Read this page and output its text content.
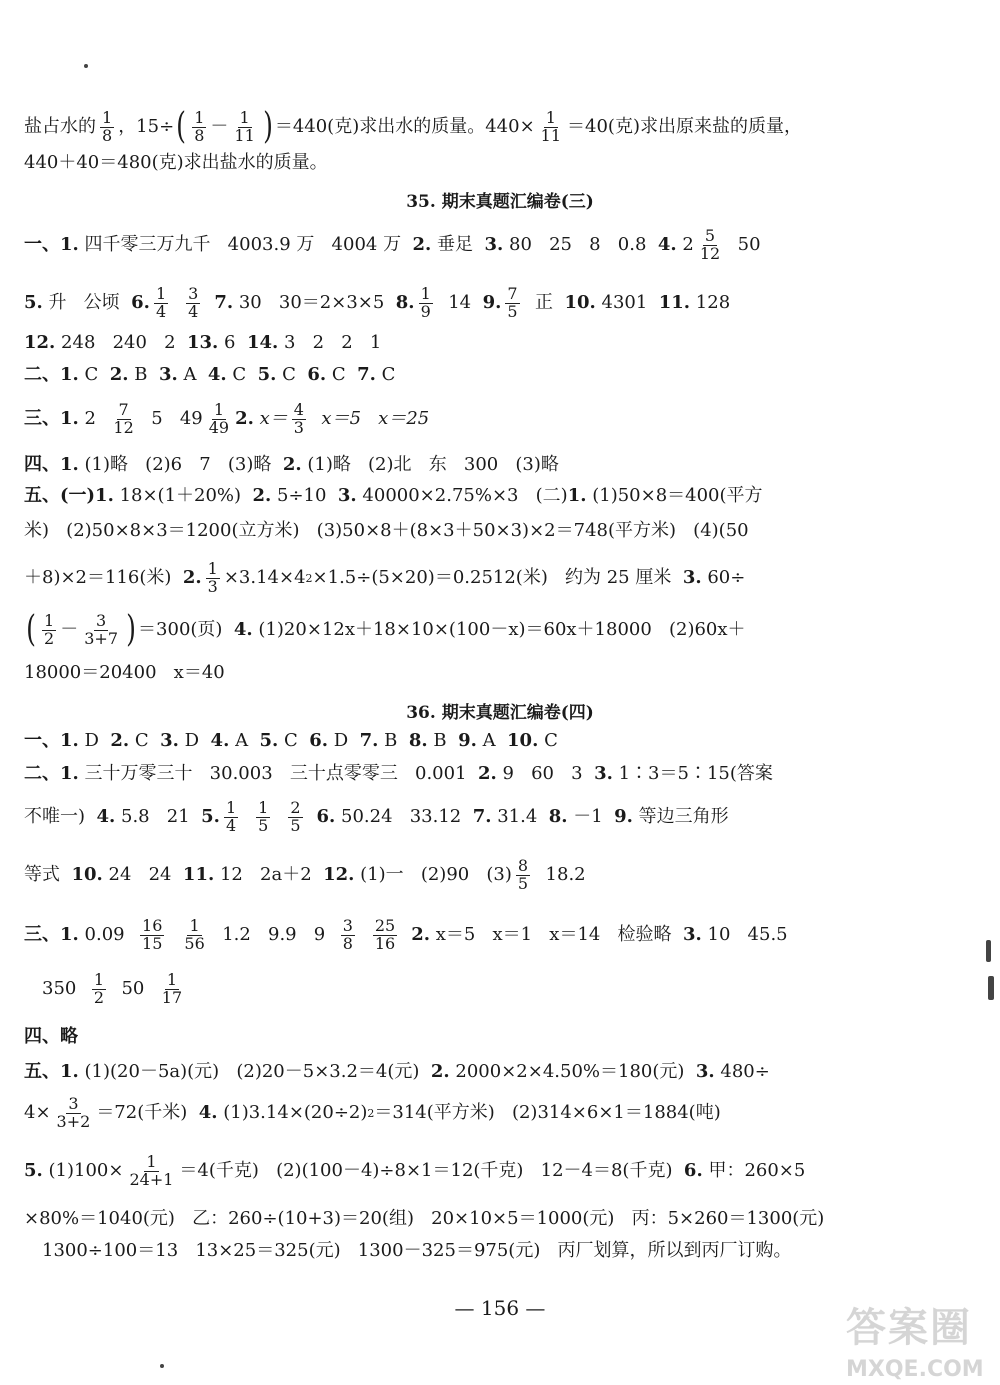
盐占水的 $\frac{1}{8}$ ，15÷ ( $\frac{1}{8} - \frac{1}{11}$ ) ＝440(克)求出水的质量。$440\times \frac{1}{11} =40$(克)求出原来盐的质量，
440＋40＝480(克)求出盐水的质量。
35. 期末真题汇编卷(三)
一、 1. 四千零三万九千   4003.9 万   4004 万 2. 垂足 3. 80   25   8   0.8 4. $2 \frac{5}{12} 50$
5. 升   公顷 6. $\frac{1}{4} \frac{3}{4} 7$. 30   30＝2×3×5 8. $\frac{1}{9} 14$ 9. $\frac{7}{5}$ 正 10. 4301 11. 128
12. 248   240   2 13. 6 14. 3   2   2   1
二、 1. C 2. B 3. A 4. C 5. C 6. C 7. C
三、 1. $2 \frac{7}{12} 5$   $49 \frac{1}{49} 2$. $x= \frac{4}{3} x=5$   x＝25
四、 1. (1)略   (2)6   7   (3)略 2. (1)略   (2)北   东   300   (3)略
五、(一) 1. 18×(1＋20%) 2. 5÷10 3. 40000×2.75%×3   (二) 1. (1)50×8＝400(平方
米)   (2)50×8×3＝1200(立方米)   (3)50×8＋(8×3＋50×3)×2＝748(平方米)   (4)(50
＋8)×2＝116(米) 2. $\frac{1}{3} \times 3.14\times 4$ 2 ×1.5÷(5×20)＝0.2512(米)   约为 25 厘米 3. 60÷
( $\frac{1}{2} - \frac{3}{3+7}$ ) ＝300(页) 4. (1)20×12x＋18×10×(100－x)＝60x＋18000   (2)60x＋
18000＝20400   x＝40
36. 期末真题汇编卷(四)
一、 1. D 2. C 3. D 4. A 5. C 6. D 7. B 8. B 9. A 10. C
二、 1. 三十万零三十   30.003   三十点零零三   0.001 2. 9   60   3 3. 1∶3＝5∶15(答案
不唯一) 4. 5.8   21 5. $\frac{1}{4} \frac{1}{5} \frac{2}{5} 6$. 50.24   33.12 7. 31.4 8. －1 9. 等边三角形
等式 10. 24   24 11. 12   2a＋2 12. (1)一   (2)90   $(3) \frac{8}{5} 18.2$
三、 1. $0.09 \frac{16}{15} \frac{1}{56} 1.2$   9.9   $9 \frac{3}{8} \frac{25}{16} 2$. x＝5   x＝1   x＝14   检验略 3. 10   45.5
$350 \frac{1}{2} 50 \frac{1}{17}$
四、略
五、 1. (1)(20－5a)(元)   (2)20－5×3.2＝4(元) 2. 2000×2×4.50%＝180(元) 3. 480÷
$4\times \frac{3}{3+2} =72$(千米) 4. (1)3.14×(20÷2) 2 ＝314(平方米)   (2)314×6×1＝1884(吨)
5. $(1)100\times \frac{1}{24+1} =4$(千克)   (2)(100－4)÷8×1＝12(千克)   12－4＝8(千克) 6. 甲：260×5
×80%＝1040(元)   乙：260÷(10+3)＝20(组)   20×10×5＝1000(元)   丙：5×260＝1300(元)
1300÷100＝13   13×25＝325(元)   1300－325＝975(元)   丙厂划算，所以到丙厂订购。
— 156 —	答案圈
MXQE.COM
